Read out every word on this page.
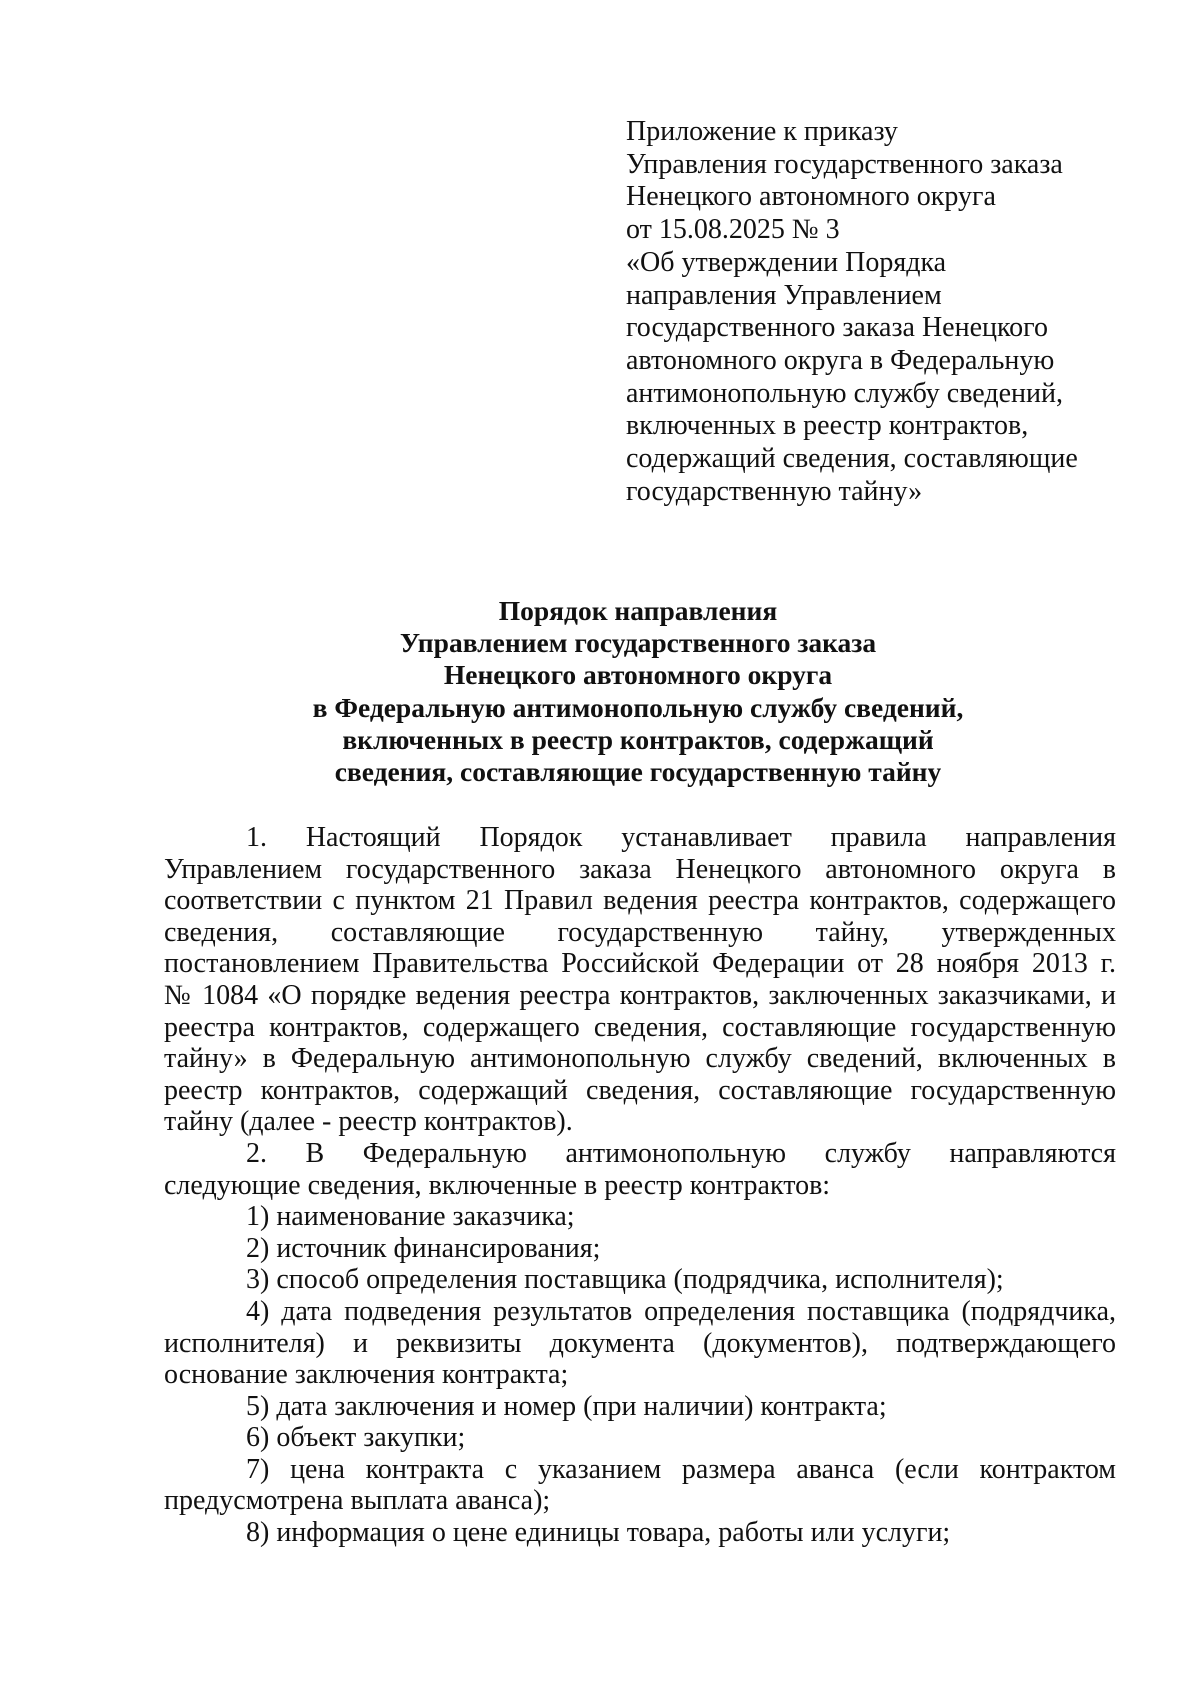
Приложение к приказу
Управления государственного заказа
Ненецкого автономного округа
от 15.08.2025 № 3
«Об утверждении Порядка
направления Управлением
государственного заказа Ненецкого
автономного округа в Федеральную
антимонопольную службу сведений,
включенных в реестр контрактов,
содержащий сведения, составляющие
государственную тайну»
Порядок направления
Управлением государственного заказа
Ненецкого автономного округа
в Федеральную антимонопольную службу сведений,
включенных в реестр контрактов, содержащий
сведения, составляющие государственную тайну
1. Настоящий Порядок устанавливает правила направления
Управлением государственного заказа Ненецкого автономного округа в
соответствии с пунктом 21 Правил ведения реестра контрактов, содержащего
сведения, составляющие государственную тайну, утвержденных
постановлением Правительства Российской Федерации от 28 ноября 2013 г.
№ 1084 «О порядке ведения реестра контрактов, заключенных заказчиками, и
реестра контрактов, содержащего сведения, составляющие государственную
тайну» в Федеральную антимонопольную службу сведений, включенных в
реестр контрактов, содержащий сведения, составляющие государственную
тайну (далее - реестр контрактов).
2. В Федеральную антимонопольную службу направляются
следующие сведения, включенные в реестр контрактов:
1) наименование заказчика;
2) источник финансирования;
3) способ определения поставщика (подрядчика, исполнителя);
4) дата подведения результатов определения поставщика (подрядчика,
исполнителя) и реквизиты документа (документов), подтверждающего
основание заключения контракта;
5) дата заключения и номер (при наличии) контракта;
6) объект закупки;
7) цена контракта с указанием размера аванса (если контрактом
предусмотрена выплата аванса);
8) информация о цене единицы товара, работы или услуги;
